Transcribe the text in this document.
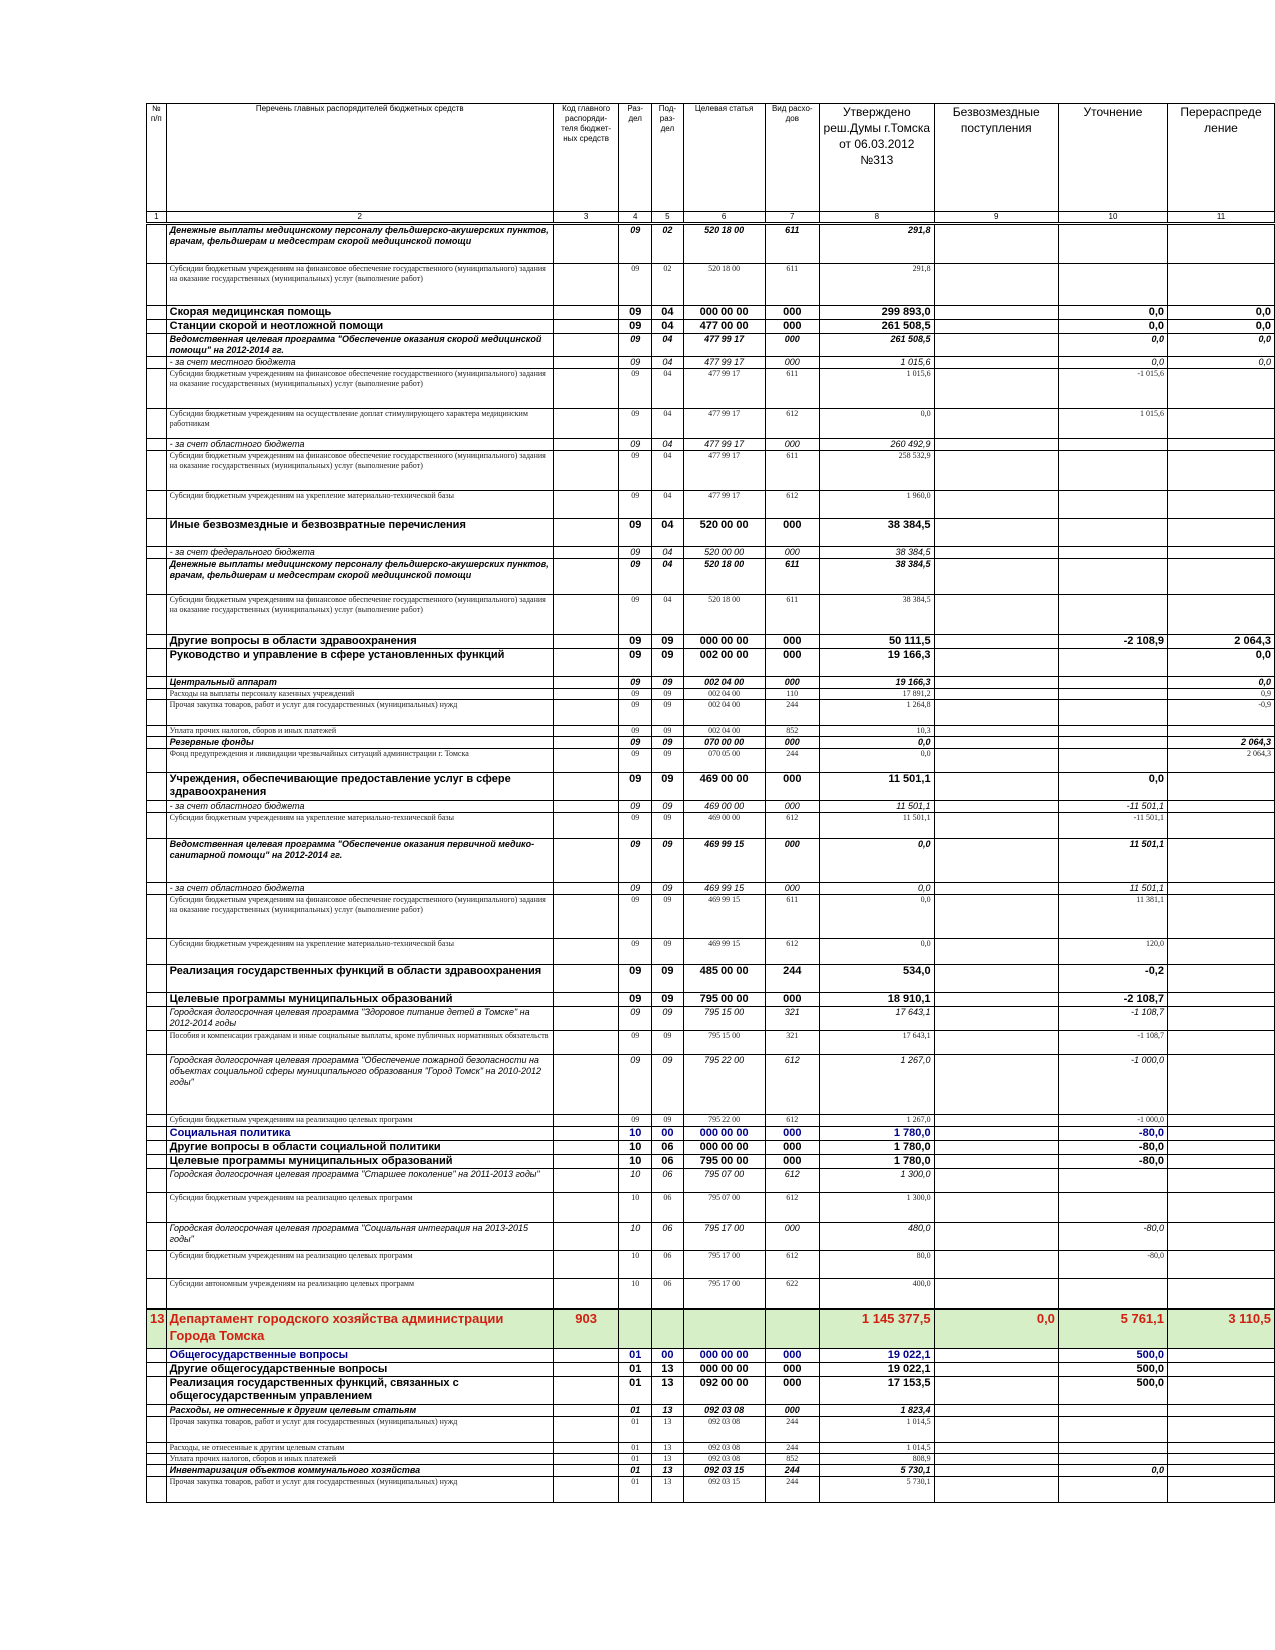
№ п/п	Перечень главных распорядителей бюджетных средств	Код главного распоряди-теля бюджет-ных средств	Раз-дел	Под-раз-дел	Целевая статья	Вид расхо-дов	Утверждено реш.Думы г.Томска от 06.03.2012 №313	Безвозмездные поступления	Уточнение	Перераспреде ление
1	2	3	4	5	6	7	8	9	10	11
	Денежные выплаты медицинскому персоналу фельдшерско-акушерских пунктов, врачам, фельдшерам и медсестрам скорой медицинской помощи		09	02	520 18 00	611	291,8			
	Субсидии бюджетным учреждениям на финансовое обеспечение государственного (муниципального) задания на оказание государственных (муниципальных) услуг (выполнение работ)		09	02	520 18 00	611	291,8			
	Скорая медицинская помощь		09	04	000 00 00	000	299 893,0		0,0	0,0
	Станции скорой и неотложной помощи		09	04	477 00 00	000	261 508,5		0,0	0,0
	Ведомственная целевая программа "Обеспечение оказания скорой медицинской помощи" на 2012-2014 гг.		09	04	477 99 17	000	261 508,5		0,0	0,0
	- за счет местного бюджета		09	04	477 99 17	000	1 015,6		0,0	0,0
	Субсидии бюджетным учреждениям на финансовое обеспечение государственного (муниципального) задания на оказание государственных (муниципальных) услуг (выполнение работ)		09	04	477 99 17	611	1 015,6		-1 015,6	
	Субсидии бюджетным учреждениям на осуществление доплат стимулирующего характера медицинским работникам		09	04	477 99 17	612	0,0		1 015,6	
	- за счет областного бюджета		09	04	477 99 17	000	260 492,9			
	Субсидии бюджетным учреждениям на финансовое обеспечение государственного (муниципального) задания на оказание государственных (муниципальных) услуг (выполнение работ)		09	04	477 99 17	611	258 532,9			
	Субсидии бюджетным учреждениям на укрепление материально-технической базы		09	04	477 99 17	612	1 960,0			
	Иные безвозмездные и безвозвратные перечисления		09	04	520 00 00	000	38 384,5			
	- за счет федерального бюджета		09	04	520 00 00	000	38 384,5			
	Денежные выплаты медицинскому персоналу фельдшерско-акушерских пунктов, врачам, фельдшерам и медсестрам скорой медицинской помощи		09	04	520 18 00	611	38 384,5			
	Субсидии бюджетным учреждениям на финансовое обеспечение государственного (муниципального) задания на оказание государственных (муниципальных) услуг (выполнение работ)		09	04	520 18 00	611	38 384,5			
	Другие вопросы в области здравоохранения		09	09	000 00 00	000	50 111,5		-2 108,9	2 064,3
	Руководство и управление в сфере установленных функций		09	09	002 00 00	000	19 166,3			0,0
	Центральный аппарат		09	09	002 04 00	000	19 166,3			0,0
	Расходы на выплаты персоналу казенных учреждений		09	09	002 04 00	110	17 891,2			0,9
	Прочая закупка товаров, работ и услуг для государственных (муниципальных) нужд		09	09	002 04 00	244	1 264,8			-0,9
	Уплата прочих налогов, сборов и иных платежей		09	09	002 04 00	852	10,3			
	Резервные фонды		09	09	070 00 00	000	0,0			2 064,3
	Фонд предупреждения и ликвидации чрезвычайных ситуаций администрации г. Томска		09	09	070 05 00	244	0,0			2 064,3
	Учреждения, обеспечивающие предоставление услуг в сфере здравоохранения		09	09	469 00 00	000	11 501,1		0,0	
	- за счет областного бюджета		09	09	469 00 00	000	11 501,1		-11 501,1	
	Субсидии бюджетным учреждениям на укрепление материально-технической базы		09	09	469 00 00	612	11 501,1		-11 501,1	
	Ведомственная целевая программа "Обеспечение оказания первичной медико-санитарной помощи" на 2012-2014 гг.		09	09	469 99 15	000	0,0		11 501,1	
	- за счет областного бюджета		09	09	469 99 15	000	0,0		11 501,1	
	Субсидии бюджетным учреждениям на финансовое обеспечение государственного (муниципального) задания на оказание государственных (муниципальных) услуг (выполнение работ)		09	09	469 99 15	611	0,0		11 381,1	
	Субсидии бюджетным учреждениям на укрепление материально-технической базы		09	09	469 99 15	612	0,0		120,0	
	Реализация государственных функций в области здравоохранения		09	09	485 00 00	244	534,0		-0,2	
	Целевые программы муниципальных образований		09	09	795 00 00	000	18 910,1		-2 108,7	
	Городская долгосрочная целевая программа "Здоровое питание детей в Томске" на 2012-2014 годы		09	09	795 15 00	321	17 643,1		-1 108,7	
	Пособия и компенсации гражданам и иные социальные выплаты, кроме публичных нормативных обязательств		09	09	795 15 00	321	17 643,1		-1 108,7	
	Городская долгосрочная целевая программа "Обеспечение пожарной безопасности на объектах социальной сферы муниципального образования "Город Томск" на 2010-2012 годы"		09	09	795 22 00	612	1 267,0		-1 000,0	
	Субсидии бюджетным учреждениям на реализацию целевых программ		09	09	795 22 00	612	1 267,0		-1 000,0	
	Социальная политика		10	00	000 00 00	000	1 780,0		-80,0	
	Другие вопросы в области социальной политики		10	06	000 00 00	000	1 780,0		-80,0	
	Целевые программы муниципальных образований		10	06	795 00 00	000	1 780,0		-80,0	
	Городская долгосрочная целевая программа "Старшее поколение" на 2011-2013 годы"		10	06	795 07 00	612	1 300,0			
	Субсидии бюджетным учреждениям на реализацию целевых программ		10	06	795 07 00	612	1 300,0			
	Городская долгосрочная целевая программа "Социальная интеграция на 2013-2015 годы"		10	06	795 17 00	000	480,0		-80,0	
	Субсидии бюджетным учреждениям на реализацию целевых программ		10	06	795 17 00	612	80,0		-80,0	
	Субсидии автономным учреждениям на реализацию целевых программ		10	06	795 17 00	622	400,0			
13	Департамент городского хозяйства администрации Города Томска	903					1 145 377,5	0,0	5 761,1	3 110,5
	Общегосударственные вопросы		01	00	000 00 00	000	19 022,1		500,0	
	Другие общегосударственные вопросы		01	13	000 00 00	000	19 022,1		500,0	
	Реализация государственных функций, связанных с общегосударственным управлением		01	13	092 00 00	000	17 153,5		500,0	
	Расходы, не отнесенные к другим целевым статьям		01	13	092 03 08	000	1 823,4			
	Прочая закупка товаров, работ и услуг для государственных (муниципальных) нужд		01	13	092 03 08	244	1 014,5			
	Расходы, не отнесенные к другим целевым статьям		01	13	092 03 08	244	1 014,5			
	Уплата прочих налогов, сборов и иных платежей		01	13	092 03 08	852	808,9			
	Инвентаризация объектов коммунального хозяйства		01	13	092 03 15	244	5 730,1		0,0	
	Прочая закупка товаров, работ и услуг для государственных (муниципальных) нужд		01	13	092 03 15	244	5 730,1			
